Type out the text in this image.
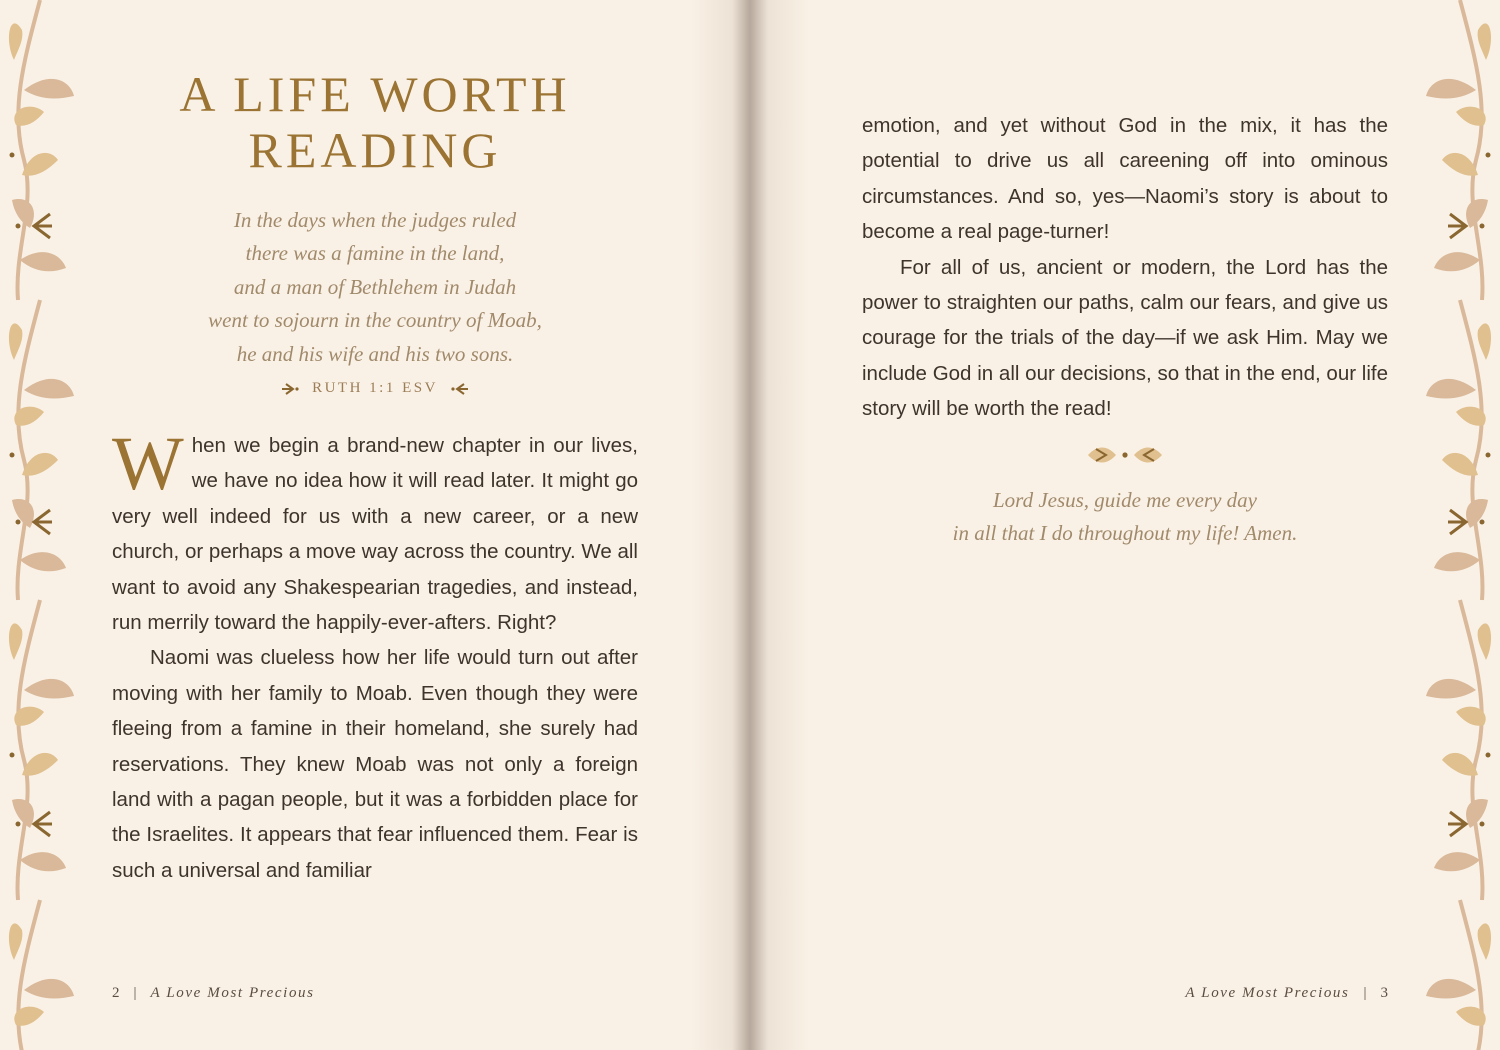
A LIFE WORTH
READING
In the days when the judges ruled
there was a famine in the land,
and a man of Bethlehem in Judah
went to sojourn in the country of Moab,
he and his wife and his two sons.
RUTH 1:1 ESV

When we begin a brand-new chapter in our lives, we have no idea how it will read later. It might go very well indeed for us with a new career, or a new church, or perhaps a move way across the country. We all want to avoid any Shakespearian tragedies, and instead, run merrily toward the happily-ever-afters. Right?

Naomi was clueless how her life would turn out after moving with her family to Moab. Even though they were fleeing from a famine in their homeland, she surely had reservations. They knew Moab was not only a foreign land with a pagan people, but it was a forbidden place for the Israelites. It appears that fear influenced them. Fear is such a universal and familiar

2 | A Love Most Precious

emotion, and yet without God in the mix, it has the potential to drive us all careening off into ominous circumstances. And so, yes—Naomi’s story is about to become a real page-turner!

For all of us, ancient or modern, the Lord has the power to straighten our paths, calm our fears, and give us courage for the trials of the day—if we ask Him. May we include God in all our decisions, so that in the end, our life story will be worth the read!

Lord Jesus, guide me every day
in all that I do throughout my life! Amen.
A Love Most Precious | 3
